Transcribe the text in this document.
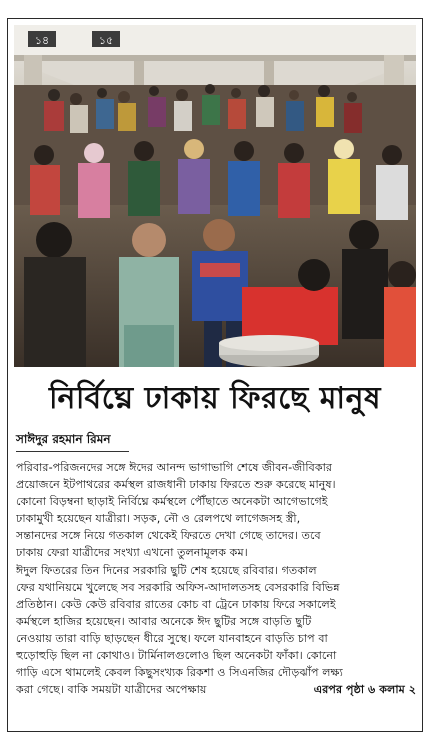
১৪	১৫
নির্বিঘ্নে ঢাকায় ফিরছে মানুষ
সাঈদুর রহমান রিমন
পরিবার-পরিজনদের সঙ্গে ঈদের আনন্দ ভাগাভাগি শেষে জীবন-জীবিকার
প্রয়োজনে ইটপাথরের কর্মস্থল রাজধানী ঢাকায় ফিরতে শুরু করেছে মানুষ।
কোনো বিড়ম্বনা ছাড়াই নির্বিঘ্নে কর্মস্থলে পৌঁছাতে অনেকটা আগেভাগেই
ঢাকামুখী হয়েছেন যাত্রীরা। সড়ক, নৌ ও রেলপথে লাগেজসহ স্ত্রী,
সন্তানদের সঙ্গে নিয়ে গতকাল থেকেই ফিরতে দেখা গেছে তাদের। তবে
ঢাকায় ফেরা যাত্রীদের সংখ্যা এখনো তুলনামূলক কম।
ঈদুল ফিতরের তিন দিনের সরকারি ছুটি শেষ হয়েছে রবিবার। গতকাল
ফের যথানিয়মে খুলেছে সব সরকারি অফিস-আদালতসহ বেসরকারি বিভিন্ন
প্রতিষ্ঠান। কেউ কেউ রবিবার রাতের কোচ বা ট্রেনে ঢাকায় ফিরে সকালেই
কর্মস্থলে হাজির হয়েছেন। আবার অনেকে ঈদ ছুটির সঙ্গে বাড়তি ছুটি
নেওয়ায় তারা বাড়ি ছাড়ছেন ধীরে সুস্থে। ফলে যানবাহনে বাড়তি চাপ বা
হুড়োহুড়ি ছিল না কোথাও। টার্মিনালগুলোও ছিল অনেকটা ফাঁকা। কোনো
গাড়ি এসে থামলেই কেবল কিছুসংখ্যক রিকশা ও সিএনজির দৌড়ঝাঁপ লক্ষ্য
করা গেছে। বাকি সময়টা যাত্রীদের অপেক্ষায়	এরপর পৃষ্ঠা ৬ কলাম ২
